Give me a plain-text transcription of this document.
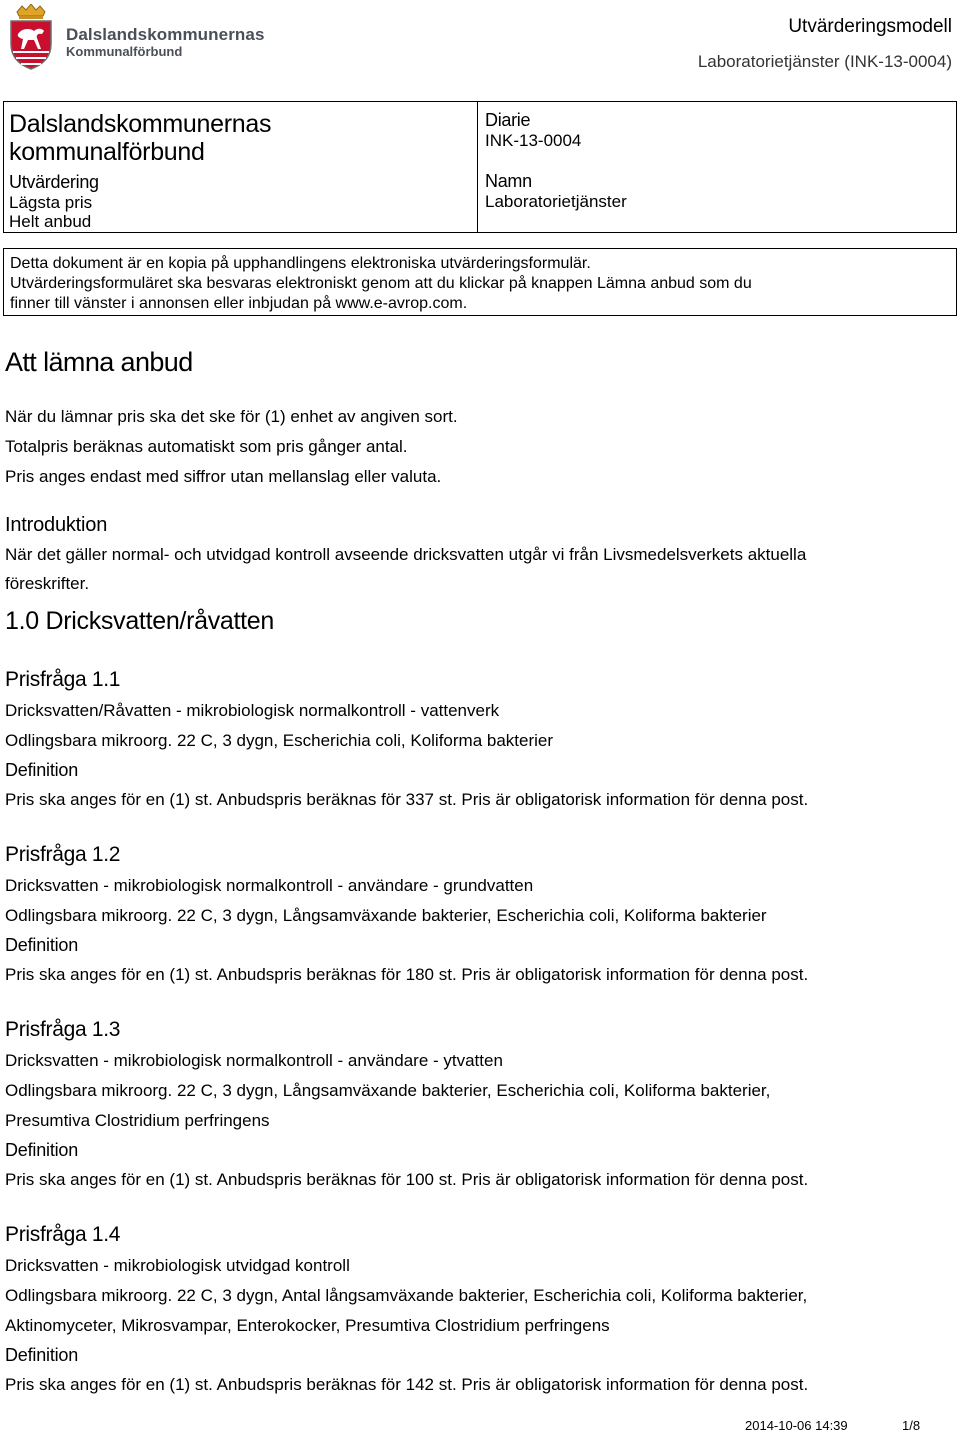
Dalslandskommunernas
Kommunalförbund
Utvärderingsmodell
Laboratorietjänster (INK-13-0004)
Dalslandskommunernas
kommunalförbund
Utvärdering
Lägsta pris
Helt anbud
Diarie
INK-13-0004
Namn
Laboratorietjänster

Detta dokument är en kopia på upphandlingens elektroniska utvärderingsformulär.

Utvärderingsformuläret ska besvaras elektroniskt genom att du klickar på knappen Lämna anbud som du

finner till vänster i annonsen eller inbjudan på www.e-avrop.com.

Att lämna anbud
När du lämnar pris ska det ske för (1) enhet av angiven sort.
Totalpris beräknas automatiskt som pris gånger antal.
Pris anges endast med siffror utan mellanslag eller valuta.
Introduktion
När det gäller normal- och utvidgad kontroll avseende dricksvatten utgår vi från Livsmedelsverkets aktuella
föreskrifter.
1.0 Dricksvatten/råvatten
Prisfråga 1.1
Dricksvatten/Råvatten - mikrobiologisk normalkontroll - vattenverk
Odlingsbara mikroorg. 22 C, 3 dygn, Escherichia coli, Koliforma bakterier
Definition
Pris ska anges för en (1) st. Anbudspris beräknas för 337 st. Pris är obligatorisk information för denna post.
Prisfråga 1.2
Dricksvatten - mikrobiologisk normalkontroll - användare - grundvatten
Odlingsbara mikroorg. 22 C, 3 dygn, Långsamväxande bakterier, Escherichia coli, Koliforma bakterier
Definition
Pris ska anges för en (1) st. Anbudspris beräknas för 180 st. Pris är obligatorisk information för denna post.
Prisfråga 1.3
Dricksvatten - mikrobiologisk normalkontroll - användare - ytvatten
Odlingsbara mikroorg. 22 C, 3 dygn, Långsamväxande bakterier, Escherichia coli, Koliforma bakterier,
Presumtiva Clostridium perfringens
Definition
Pris ska anges för en (1) st. Anbudspris beräknas för 100 st. Pris är obligatorisk information för denna post.
Prisfråga 1.4
Dricksvatten - mikrobiologisk utvidgad kontroll
Odlingsbara mikroorg. 22 C, 3 dygn, Antal långsamväxande bakterier, Escherichia coli, Koliforma bakterier,
Aktinomyceter, Mikrosvampar, Enterokocker, Presumtiva Clostridium perfringens
Definition
Pris ska anges för en (1) st. Anbudspris beräknas för 142 st. Pris är obligatorisk information för denna post.
2014-10-06 14:39	1/8
